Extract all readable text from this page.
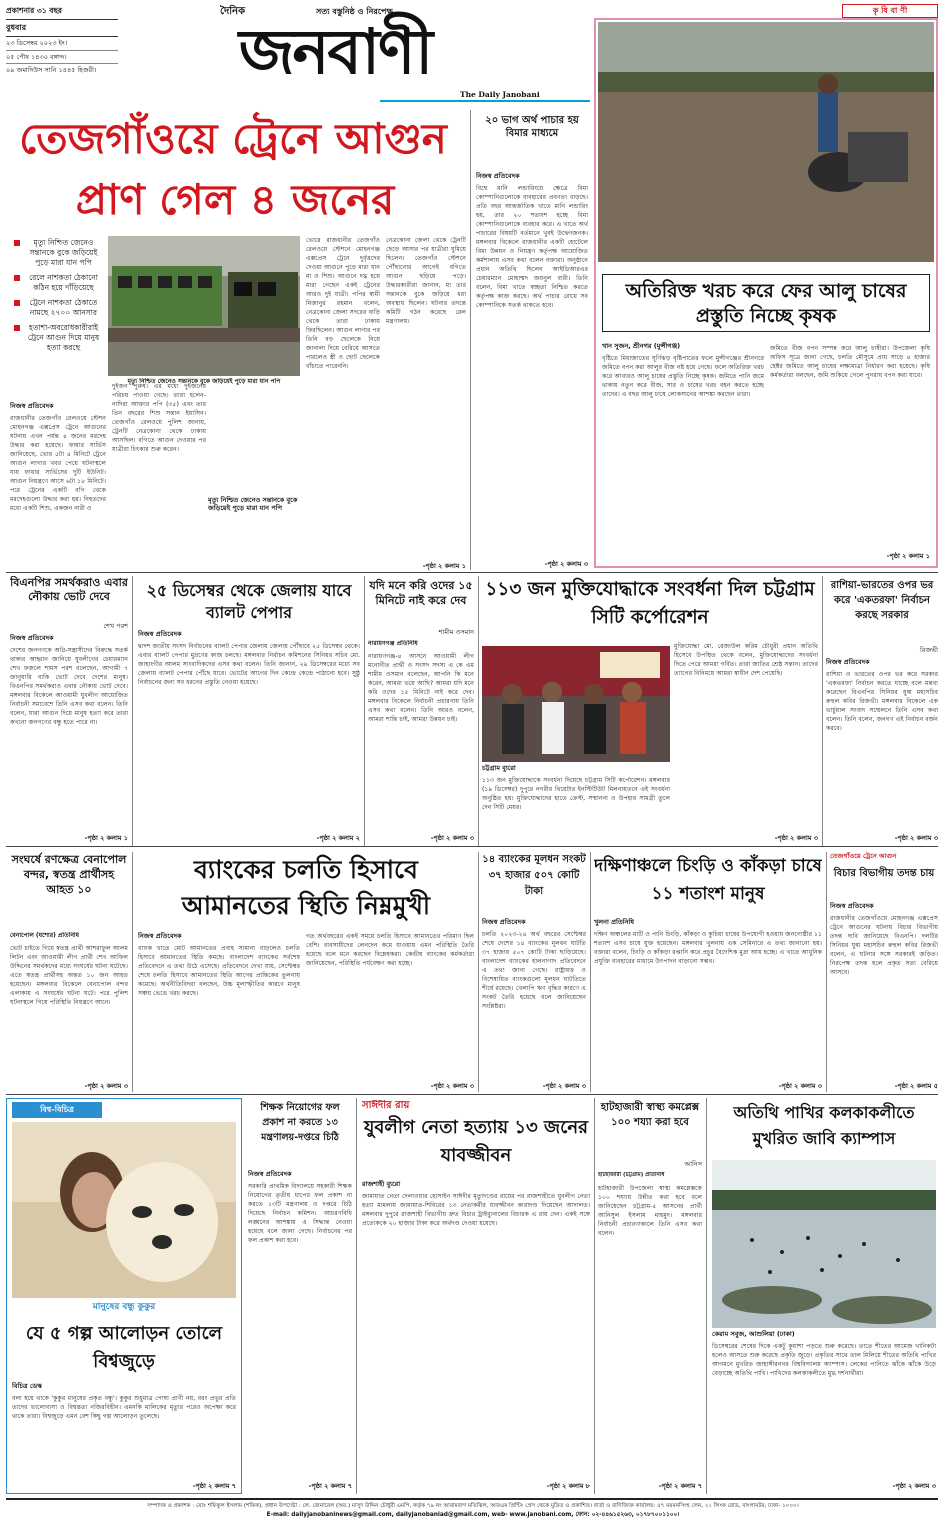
প্রকাশনার ৩১ বছর
বুধবার
২৩ ডিসেম্বর ২০২৩ ইং।
০৫ পৌষ ১৪৩০ বঙ্গাব্দ।
০৯ জমাদিউস সানি ১৪৪৫ হিজরী।
দৈনিক	সত্য বস্তুনিষ্ঠ ও নিরপেক্ষ
জনবাণী
The Daily Janobani
কৃ ষি বা ণী
তেজগাঁওয়ে ট্রেনে আগুন
প্রাণ গেল ৪ জনের
মৃত্যু নিশ্চিত জেনেও সন্তানকে বুকে জড়িয়েই পুড়ে মারা যান পপি
রেলে নাশকতা ঠেকানো কঠিন হয়ে দাঁড়িয়েছে
ট্রেনে নাশকতা ঠেকাতে নামছে ২৭০০ আনসার
হতাশা-অবরোধকারীরাই ট্রেনে আগুন দিয়ে মানুষ হত্যা করছে
মৃত্যু নিশ্চিত জেনেও সন্তানকে বুকে জড়িয়েই পুড়ে মারা যান পপি
নিজস্ব প্রতিবেদক
রাজধানীর তেজগাঁও রেলওয়ে স্টেশন মোহনগঞ্জ এক্সপ্রেস ট্রেনে আগুনের ঘটনায় এখন পর্যন্ত ৪ জনের মরদেহ উদ্ধার করা হয়েছে। ফায়ার সার্ভিস জানিয়েছে, ভোর ৫টা ৪ মিনিটে ট্রেনে আগুন লাগার খবর পেয়ে ঘটনাস্থলে যায় ফায়ার সার্ভিসের দুটি ইউনিট। আগুন নিয়ন্ত্রণে আসে ৬টা ১৮ মিনিটে। পরে ট্রেনের একটি বগি থেকে মরদেহগুলো উদ্ধার করা হয়। নিহতদের মধ্যে একটি শিশু, একজন নারী ও
দুইজন পুরুষ। এর মধ্যে দুইজনের পরিচয় পাওয়া গেছে। তারা হলেন- নাদিরা আক্তার পপি (৩৫) এবং তার তিন বছরের শিশু সন্তান ইয়াসিন। তেজগাঁও রেলওয়ে পুলিশ জানায়, ট্রেনটি নেত্রকোনা থেকে ঢাকায় আসছিল। বগিতে আগুন দেওয়ার পর যাত্রীরা চিৎকার শুরু করেন।
মৃত্যু নিশ্চিত জেনেও সন্তানকে বুকে জড়িয়েই পুড়ে মারা যান পপি
ভোরে রাজধানীর তেজগাঁও রেলওয়ে স্টেশনে মোহনগঞ্জ এক্সপ্রেস ট্রেনে দুর্বৃত্তদের দেওয়া আগুনে পুড়ে মারা যান মা ও শিশু। আগুনে দগ্ধ হয়ে মারা গেছেন একই ট্রেনের আরও দুই যাত্রী। পপির স্বামী মিজানুর রহমান বলেন, নেত্রকোনা জেলা সদরের বাড়ি থেকে তারা ঢাকায় ফিরছিলেন। আগুন লাগার পর তিনি বড় ছেলেকে নিয়ে জানালা দিয়ে বেরিয়ে আসতে পারলেও স্ত্রী ও ছোট ছেলেকে বাঁচাতে পারেননি।
নেত্রকোনা জেলা থেকে ট্রেনটি ছেড়ে আসার পর যাত্রীরা ঘুমিয়ে ছিলেন। তেজগাঁও স্টেশনে পৌঁছানোর আগেই বগিতে আগুন ছড়িয়ে পড়ে। উদ্ধারকারীরা জানান, মা তার সন্তানকে বুকে জড়িয়ে ধরা অবস্থায় ছিলেন। ঘটনার তদন্তে কমিটি গঠন করেছে রেল মন্ত্রণালয়।
-পৃষ্ঠা ২ কলাম ১
২০ ভাগ অর্থ পাচার হয় বিমার মাধ্যমে
নিজস্ব প্রতিবেদক
বিশ্বে মানি লন্ডারিংয়ে ক্ষেত্রে বিমা কোম্পানিগুলোকে ব্যবহারের প্রবণতা বাড়ছে। প্রতি বছর আন্তর্জাতিক খাতে মানি লন্ডারিং হয়, তার ২০ শতাংশ হচ্ছে বিমা কোম্পানিগুলোকে ব্যবহার করে। এ খাতে অর্থ পাচারের বিষয়টি বর্তমানে খুবই উদ্বেগজনক। মঙ্গলবার বিকেলে রাজধানীর একটি হোটেলে বিমা উন্নয়ন ও নিয়ন্ত্রণ কর্তৃপক্ষ আয়োজিত কর্মশালায় এসব কথা বলেন বক্তারা। অনুষ্ঠানে প্রধান অতিথি ছিলেন আইডিআরএর চেয়ারম্যান মোহাম্মদ জয়নুল বারী। তিনি বলেন, বিমা খাতে স্বচ্ছতা নিশ্চিত করতে কর্তৃপক্ষ কাজ করছে। অর্থ পাচার রোধে সব কোম্পানিকে সতর্ক থাকতে হবে।
-পৃষ্ঠা ২ কলাম ৩
অতিরিক্ত খরচ করে ফের আলু চাষের প্রস্তুতি নিচ্ছে কৃষক
খান সুজন, শ্রীনগর (মুন্সীগঞ্জ)
বৃষ্টিতে মিধাজাতের ঘূর্ণিঝড় বৃষ্টিপাতের ফলে মুন্সীগঞ্জের শ্রীনগরে জমিতে বপন করা আলুর বীজ নষ্ট হয়ে গেছে। ফলে অতিরিক্ত খরচ করে আবারও আলু চাষের প্রস্তুতি নিচ্ছে কৃষক। জমিতে পানি জমে থাকায় নতুন করে বীজ, সার ও চাষের খরচ বহন করতে হচ্ছে তাদের। এ বছর আলু চাষে লোকসানের আশঙ্কা করছেন তারা।
জমিতে বীজ বপন সম্পন্ন করে আলু চাষীরা। উপজেলা কৃষি অফিস সূত্রে জানা গেছে, চলতি মৌসুমে প্রায় সাড়ে ৪ হাজার হেক্টর জমিতে আলু চাষের লক্ষ্যমাত্রা নির্ধারণ করা হয়েছে। কৃষি কর্মকর্তারা বলছেন, জমি শুকিয়ে গেলে পুনরায় বপন করা যাবে।
-পৃষ্ঠা ২ কলাম ১
বিএনপির সমর্থকরাও এবার নৌকায় ভোট দেবে
শেখ পরশ
নিজস্ব প্রতিবেদক
দেশের জনগণকে অগ্নি-সন্ত্রাসীদের বিরুদ্ধে সতর্ক থাকার আহ্বান জানিয়ে যুবলীগের চেয়ারম্যান শেখ ফজলে শামস পরশ বলেছেন, আগামী ৭ জানুয়ারি বাকি ভোট দেবে দেশের মানুষ। বিএনপির সমর্থকরাও এবার নৌকায় ভোট দেবে। মঙ্গলবার বিকেলে আওয়ামী যুবলীগ আয়োজিত নির্বাচনী সমাবেশে তিনি এসব কথা বলেন। তিনি বলেন, যারা আগুন দিয়ে মানুষ হত্যা করে তারা কখনো জনগণের বন্ধু হতে পারে না।
-পৃষ্ঠা ২ কলাম ১
২৫ ডিসেম্বর থেকে জেলায় যাবে ব্যালট পেপার
নিজস্ব প্রতিবেদক
দ্বাদশ জাতীয় সংসদ নির্বাচনের ব্যালট পেপার জেলায় জেলায় পৌঁছাবে ২৫ ডিসেম্বর থেকে। এবার ব্যালট পেপার মুদ্রণের কাজ চলছে। মঙ্গলবার নির্বাচন কমিশনের সিনিয়র সচিব মো. জাহাংগীর আলম সাংবাদিকদের এসব কথা বলেন। তিনি জানান, ২৯ ডিসেম্বরের মধ্যে সব জেলায় ব্যালট পেপার পৌঁছে যাবে। ভোটের আগের দিন কেন্দ্রে কেন্দ্রে পাঠানো হবে। সুষ্ঠু নির্বাচনের জন্য সব ধরনের প্রস্তুতি নেওয়া হয়েছে।
-পৃষ্ঠা ২ কলাম ২
যদি মনে করি ওদের ১৫ মিনিটে নাই করে দেব
শামীম ওসমান
নারায়ণগঞ্জ প্রতিনিধি
নারায়ণগঞ্জ-৪ আসনে আওয়ামী লীগ মনোনীত প্রার্থী ও সংসদ সদস্য এ কে এম শামীম ওসমান বলেছেন, আপনি কি মনে করেন, আমরা ভয়ে আছি? আমরা যদি মনে করি ওদের ১৫ মিনিটে নাই করে দেব। মঙ্গলবার বিকেলে নির্বাচনী প্রচারণায় তিনি এসব কথা বলেন। তিনি আরও বলেন, আমরা শান্তি চাই, আমরা উন্নয়ন চাই।
-পৃষ্ঠা ২ কলাম ৩
১১৩ জন মুক্তিযোদ্ধাকে সংবর্ধনা দিল চট্টগ্রাম সিটি কর্পোরেশন
চট্টগ্রাম ব্যুরো
মুক্তিযোদ্ধা মো. রেজাউল করিম চৌধুরী প্রধান অতিথি হিসেবে উপস্থিত থেকে বলেন, মুক্তিযোদ্ধাদের সংবর্ধনা দিতে পেরে আমরা গর্বিত। তারা জাতির শ্রেষ্ঠ সন্তান। তাদের ত্যাগের বিনিময়ে আমরা স্বাধীন দেশ পেয়েছি।
১১৩ জন মুক্তিযোদ্ধাকে সংবর্ধনা দিয়েছে চট্টগ্রাম সিটি কর্পোরেশন। মঙ্গলবার (১৯ ডিসেম্বর) দুপুরে নগরীর থিয়েটার ইনস্টিটিউট মিলনায়তনে এই সংবর্ধনা অনুষ্ঠিত হয়। মুক্তিযোদ্ধাদের হাতে ক্রেস্ট, সম্মাননা ও উপহার সামগ্রী তুলে দেন সিটি মেয়র।
-পৃষ্ঠা ২ কলাম ৩
রাশিয়া-ভারতের ওপর ভর করে 'একতরফা' নির্বাচন করছে সরকার
রিজভী
নিজস্ব প্রতিবেদক
রাশিয়া ও ভারতের ওপর ভর করে সরকার 'একতরফা' নির্বাচন করতে যাচ্ছে বলে মন্তব্য করেছেন বিএনপির সিনিয়র যুগ্ম মহাসচিব রুহুল কবির রিজভী। মঙ্গলবার বিকেলে এক ভার্চুয়াল সংবাদ সম্মেলনে তিনি এসব কথা বলেন। তিনি বলেন, জনগণ এই নির্বাচন বর্জন করবে।
-পৃষ্ঠা ২ কলাম ৩
সংঘর্ষে রণক্ষেত্র বেনাপোল বন্দর, স্বতন্ত্র প্রার্থীসহ আহত ১০
বেনাপোল (যশোর) প্রতিনিধি
ভোট চাইতে গিয়ে স্বতন্ত্র প্রার্থী আশরাফুল আলম লিটন এবং আওয়ামী লীগ প্রার্থী শেখ আফিল উদ্দিনের সমর্থকদের মধ্যে সংঘর্ষের ঘটনা ঘটেছে। এতে স্বতন্ত্র প্রার্থীসহ অন্তত ১০ জন আহত হয়েছেন। মঙ্গলবার বিকেলে বেনাপোল বন্দর এলাকায় এ সংঘর্ষের ঘটনা ঘটে। পরে পুলিশ ঘটনাস্থলে গিয়ে পরিস্থিতি নিয়ন্ত্রণে আনে।
-পৃষ্ঠা ২ কলাম ৩
ব্যাংকের চলতি হিসাবে আমানতের স্থিতি নিম্নমুখী
নিজস্ব প্রতিবেদক
ব্যাংক খাতে মোট আমানতের প্রবাহ সামান্য বাড়লেও চলতি হিসাবে আমানতের স্থিতি কমছে। বাংলাদেশ ব্যাংকের সর্বশেষ প্রতিবেদনে এ তথ্য উঠে এসেছে। প্রতিবেদনে দেখা যায়, সেপ্টেম্বর শেষে চলতি হিসাবে আমানতের স্থিতি আগের প্রান্তিকের তুলনায় কমেছে। অর্থনীতিবিদরা বলছেন, উচ্চ মূল্যস্ফীতির কারণে মানুষ সঞ্চয় ভেঙে খরচ করছে।
গত অর্থবছরের একই সময়ে চলতি হিসাবে আমানতের পরিমাণ ছিল বেশি। ব্যবসায়ীদের লেনদেন কমে যাওয়ায় এমন পরিস্থিতি তৈরি হয়েছে বলে মনে করছেন বিশ্লেষকরা। কেন্দ্রীয় ব্যাংকের কর্মকর্তারা জানিয়েছেন, পরিস্থিতি পর্যবেক্ষণ করা হচ্ছে।
-পৃষ্ঠা ২ কলাম ৩
১৪ ব্যাংকের মূলধন সংকট ৩৭ হাজার ৫০৭ কোটি টাকা
নিজস্ব প্রতিবেদক
চলতি ২০২৩-২৪ অর্থ বছরের সেপ্টেম্বর শেষে দেশের ১৪ ব্যাংকের মূলধন ঘাটতি ৩৭ হাজার ৫০৭ কোটি টাকা ছাড়িয়েছে। বাংলাদেশ ব্যাংকের হালনাগাদ প্রতিবেদনে এ তথ্য জানা গেছে। রাষ্ট্রায়ত্ত ও বিশেষায়িত ব্যাংকগুলো মূলধন ঘাটতিতে শীর্ষে রয়েছে। খেলাপি ঋণ বৃদ্ধির কারণে এ সংকট তৈরি হয়েছে বলে জানিয়েছেন সংশ্লিষ্টরা।
-পৃষ্ঠা ২ কলাম ৩
দক্ষিণাঞ্চলে চিংড়ি ও কাঁকড়া চাষে ১১ শতাংশ মানুষ
খুলনা প্রতিনিধি
দক্ষিণ অঞ্চলের মাটি ও পানি চিংড়ি, কাঁকড়া ও কুচিয়া চাষের উপযোগী হওয়ায় জনগোষ্ঠীর ১১ শতাংশ এসব চাষে যুক্ত হয়েছেন। মঙ্গলবার খুলনায় এক সেমিনারে এ তথ্য জানানো হয়। বক্তারা বলেন, চিংড়ি ও কাঁকড়া রপ্তানি করে প্রচুর বৈদেশিক মুদ্রা আয় হচ্ছে। এ খাতে আধুনিক প্রযুক্তি ব্যবহারের মাধ্যমে উৎপাদন বাড়ানো সম্ভব।
-পৃষ্ঠা ২ কলাম ৩
তেজগাঁওয়ে ট্রেনে আগুন
বিচার বিভাগীয় তদন্ত চায়
নিজস্ব প্রতিবেদক
রাজধানীর তেজগাঁওয়ে মোহনগঞ্জ এক্সপ্রেস ট্রেনে আগুনের ঘটনায় বিচার বিভাগীয় তদন্ত দাবি জানিয়েছে বিএনপি। দলটির সিনিয়র যুগ্ম মহাসচিব রুহুল কবির রিজভী বলেন, এ ঘটনার সঙ্গে সরকারই জড়িত। নিরপেক্ষ তদন্ত হলে প্রকৃত সত্য বেরিয়ে আসবে।
-পৃষ্ঠা ২ কলাম ৫
বিশ্ব-বিচিত্র
মানুষের বন্ধু কুকুর
যে ৫ গল্প আলোড়ন তোলে বিশ্বজুড়ে
বিচিত্র ডেস্ক
বলা হয়ে থাকে 'কুকুর মানুষের প্রকৃত বন্ধু'। কুকুর শুধুমাত্র পোষা প্রাণী নয়, বরং প্রভুর প্রতি তাদের ভালোবাসা ও বিশ্বস্ততা নজিরবিহীন। এমনকি মালিকের মৃত্যুর পরেও অপেক্ষা করে থাকে তারা। বিশ্বজুড়ে এমন বেশ কিছু গল্প আলোড়ন তুলেছে।
-পৃষ্ঠা ২ কলাম ৭
শিক্ষক নিয়োগের ফল প্রকাশ না করতে ১৩ মন্ত্রণালয়-দপ্তরে চিঠি
নিজস্ব প্রতিবেদক
সরকারি প্রাথমিক বিদ্যালয়ে সহকারী শিক্ষক নিয়োগের তৃতীয় ধাপের ফল প্রকাশ না করতে ১৩টি মন্ত্রণালয় ও দপ্তরে চিঠি দিয়েছে নির্বাচন কমিশন। আচরণবিধি লঙ্ঘনের আশঙ্কায় এ সিদ্ধান্ত নেওয়া হয়েছে বলে জানা গেছে। নির্বাচনের পর ফল প্রকাশ করা হবে।
-পৃষ্ঠা ২ কলাম ৭
সাঈদীর রায়
যুবলীগ নেতা হত্যায় ১৩ জনের যাবজ্জীবন
রাজশাহী ব্যুরো
জামায়াত নেতা দেলাওয়ার হোসাইন সাঈদীর মৃত্যুদণ্ডের রায়ের পর রাজশাহীতে যুবলীগ নেতা হত্যা মামলায় জামায়াত-শিবিরের ১৩ নেতাকর্মীর যাবজ্জীবন কারাদণ্ড দিয়েছেন আদালত। মঙ্গলবার দুপুরে রাজশাহী বিভাগীয় দ্রুত বিচার ট্রাইব্যুনালের বিচারক এ রায় দেন। একই সঙ্গে প্রত্যেককে ২০ হাজার টাকা করে অর্থদণ্ড দেওয়া হয়েছে।
-পৃষ্ঠা ২ কলাম ৮
হাটহাজারী স্বাস্থ্য কমপ্লেক্স ১০০ শয্যা করা হবে
আনিস
হাটহাজারী (চট্টগ্রাম) প্রতিনিধি
হাটহাজারী উপজেলা স্বাস্থ্য কমপ্লেক্সকে ১০০ শয্যায় উন্নীত করা হবে বলে জানিয়েছেন চট্টগ্রাম-৫ আসনের প্রার্থী আনিসুল ইসলাম মাহমুদ। মঙ্গলবার নির্বাচনী প্রচারণাকালে তিনি এসব কথা বলেন।
-পৃষ্ঠা ২ কলাম ৭
অতিথি পাখির কলকাকলীতে মুখরিত জাবি ক্যাম্পাস
কেরাম সবুজ, আশুলিয়া (ঢাকা)
ডিসেম্বরের শেষের দিকে একটু কুয়াশা পড়তে শুরু করেছে। তাতে শীতের আমেজ খানিকটা হলেও আসতে শুরু করেছে প্রকৃতি জুড়ে। প্রকৃতির সাথে তাল মিলিয়ে শীতের অতিথি পাখির আগমনে মুখরিত জাহাঙ্গীরনগর বিশ্ববিদ্যালয় ক্যাম্পাস। লেকের পানিতে ঝাঁকে ঝাঁকে উড়ে বেড়াচ্ছে অতিথি পাখি। পাখিদের কলকাকলীতে মুগ্ধ দর্শনার্থীরা।
-পৃষ্ঠা ২ কলাম ৩
সম্পাদক ও প্রকাশক : মোঃ শফিকুল ইসলাম (শফিক), প্রধান উপদেষ্টা : লে. জেনারেল (অব.) মাসুদ উদ্দিন চৌধুরী এমপি, কর্তৃক ৭৯ নং আরামবাগ মতিঝিল, আরএম প্রিন্টিং প্রেস থেকে মুদ্রিত ও প্রকাশিত। বার্তা ও বাণিজ্যিক কার্যালয়: ৫৭ ময়মনসিংহ লেন, ২১ লিংক রোড, বাংলামটর, ঢাকা- ১০০০।
E-mail: dailyjanobaninews@gmail.com, dailyjanobaniad@gmail.com, web- www.janobani.com, ফোন: ০২-৪৪৬১৫২৬৩, ০১৭৮৭০০১১০০।
